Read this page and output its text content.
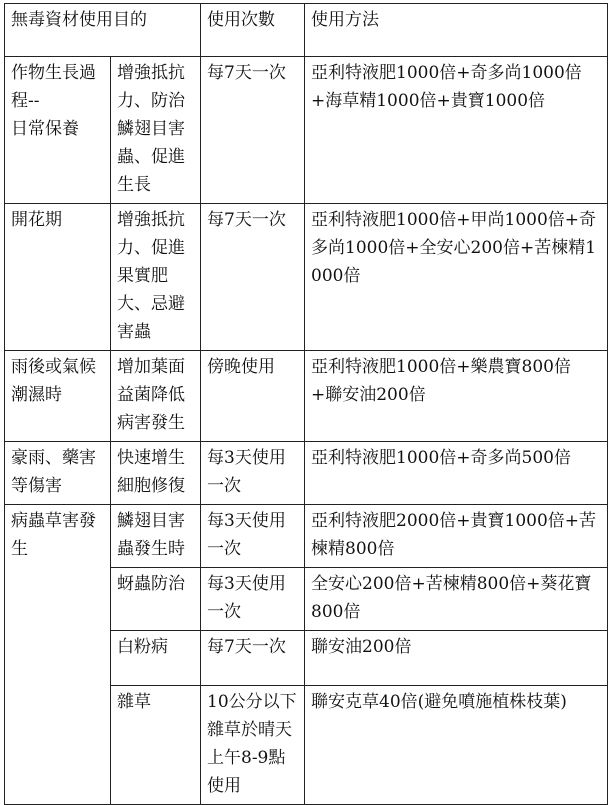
無毒資材使用目的		使用次數	使用方法
作物生長過程--
日常保養	增強抵抗力、防治鱗翅目害蟲、促進生長	每7天一次	亞利特液肥1000倍+奇多尚1000倍+海草精1000倍+貴寶1000倍
開花期	增強抵抗力、促進果實肥大、忌避害蟲	每7天一次	亞利特液肥1000倍+甲尚1000倍+奇多尚1000倍+全安心200倍+苦楝精1000倍
雨後或氣候潮濕時	增加葉面益菌降低病害發生	傍晚使用	亞利特液肥1000倍+樂農寶800倍+聯安油200倍
豪雨、藥害等傷害	快速增生細胞修復	每3天使用一次	亞利特液肥1000倍+奇多尚500倍
病蟲草害發生	鱗翅目害蟲發生時	每3天使用一次	亞利特液肥2000倍+貴寶1000倍+苦楝精800倍
	蚜蟲防治	每3天使用一次	全安心200倍+苦楝精800倍+葵花寶800倍
	白粉病	每7天一次	聯安油200倍
	雜草	10公分以下雜草於晴天上午8-9點使用	聯安克草40倍(避免噴施植株枝葉)
